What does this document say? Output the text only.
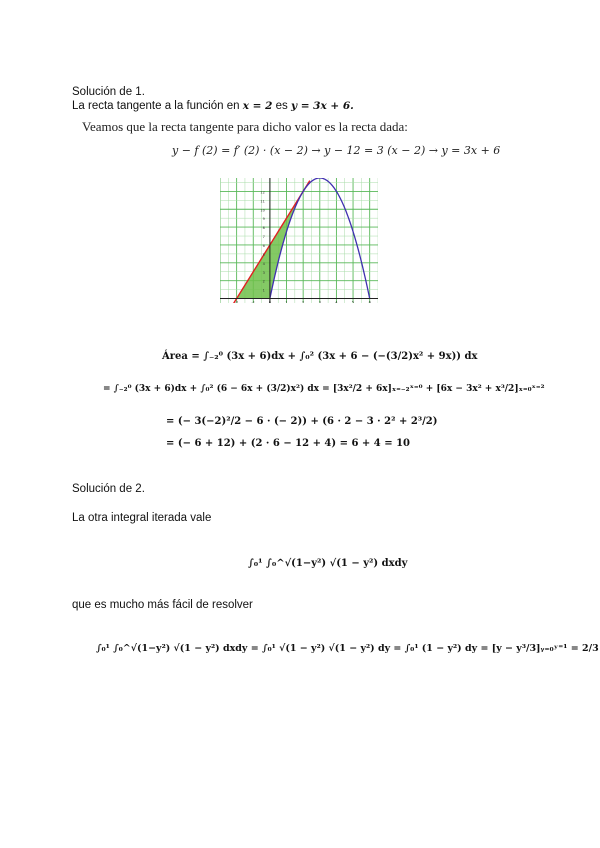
Solución de 1.
La recta tangente a la función en x = 2 es y = 3x + 6.
Veamos que la recta tangente para dicho valor es la recta dada:
y − f (2) = f′ (2) · (x − 2) → y − 12 = 3 (x − 2) → y = 3x + 6
12
11
10
9
8
7
6
5
4
3
2
1
-2	-1	0	1	2	3	4	5	6
Área = ∫₋₂⁰ (3x + 6)dx + ∫₀² (3x + 6 − (−(3/2)x² + 9x)) dx
= ∫₋₂⁰ (3x + 6)dx + ∫₀² (6 − 6x + (3/2)x²) dx = [3x²/2 + 6x]ₓ₌₋₂ˣ⁼⁰ + [6x − 3x² + x³/2]ₓ₌₀ˣ⁼²
= (− 3(−2)²/2 − 6 · (− 2)) + (6 · 2 − 3 · 2² + 2³/2)
= (− 6 + 12) + (2 · 6 − 12 + 4) = 6 + 4 = 10
Solución de 2.
La otra integral iterada vale
∫₀¹ ∫₀^√(1−y²) √(1 − y²) dxdy
que es mucho más fácil de resolver
∫₀¹ ∫₀^√(1−y²) √(1 − y²) dxdy = ∫₀¹ √(1 − y²) √(1 − y²) dy = ∫₀¹ (1 − y²) dy = [y − y³/3]ᵧ₌₀ʸ⁼¹ = 2/3
